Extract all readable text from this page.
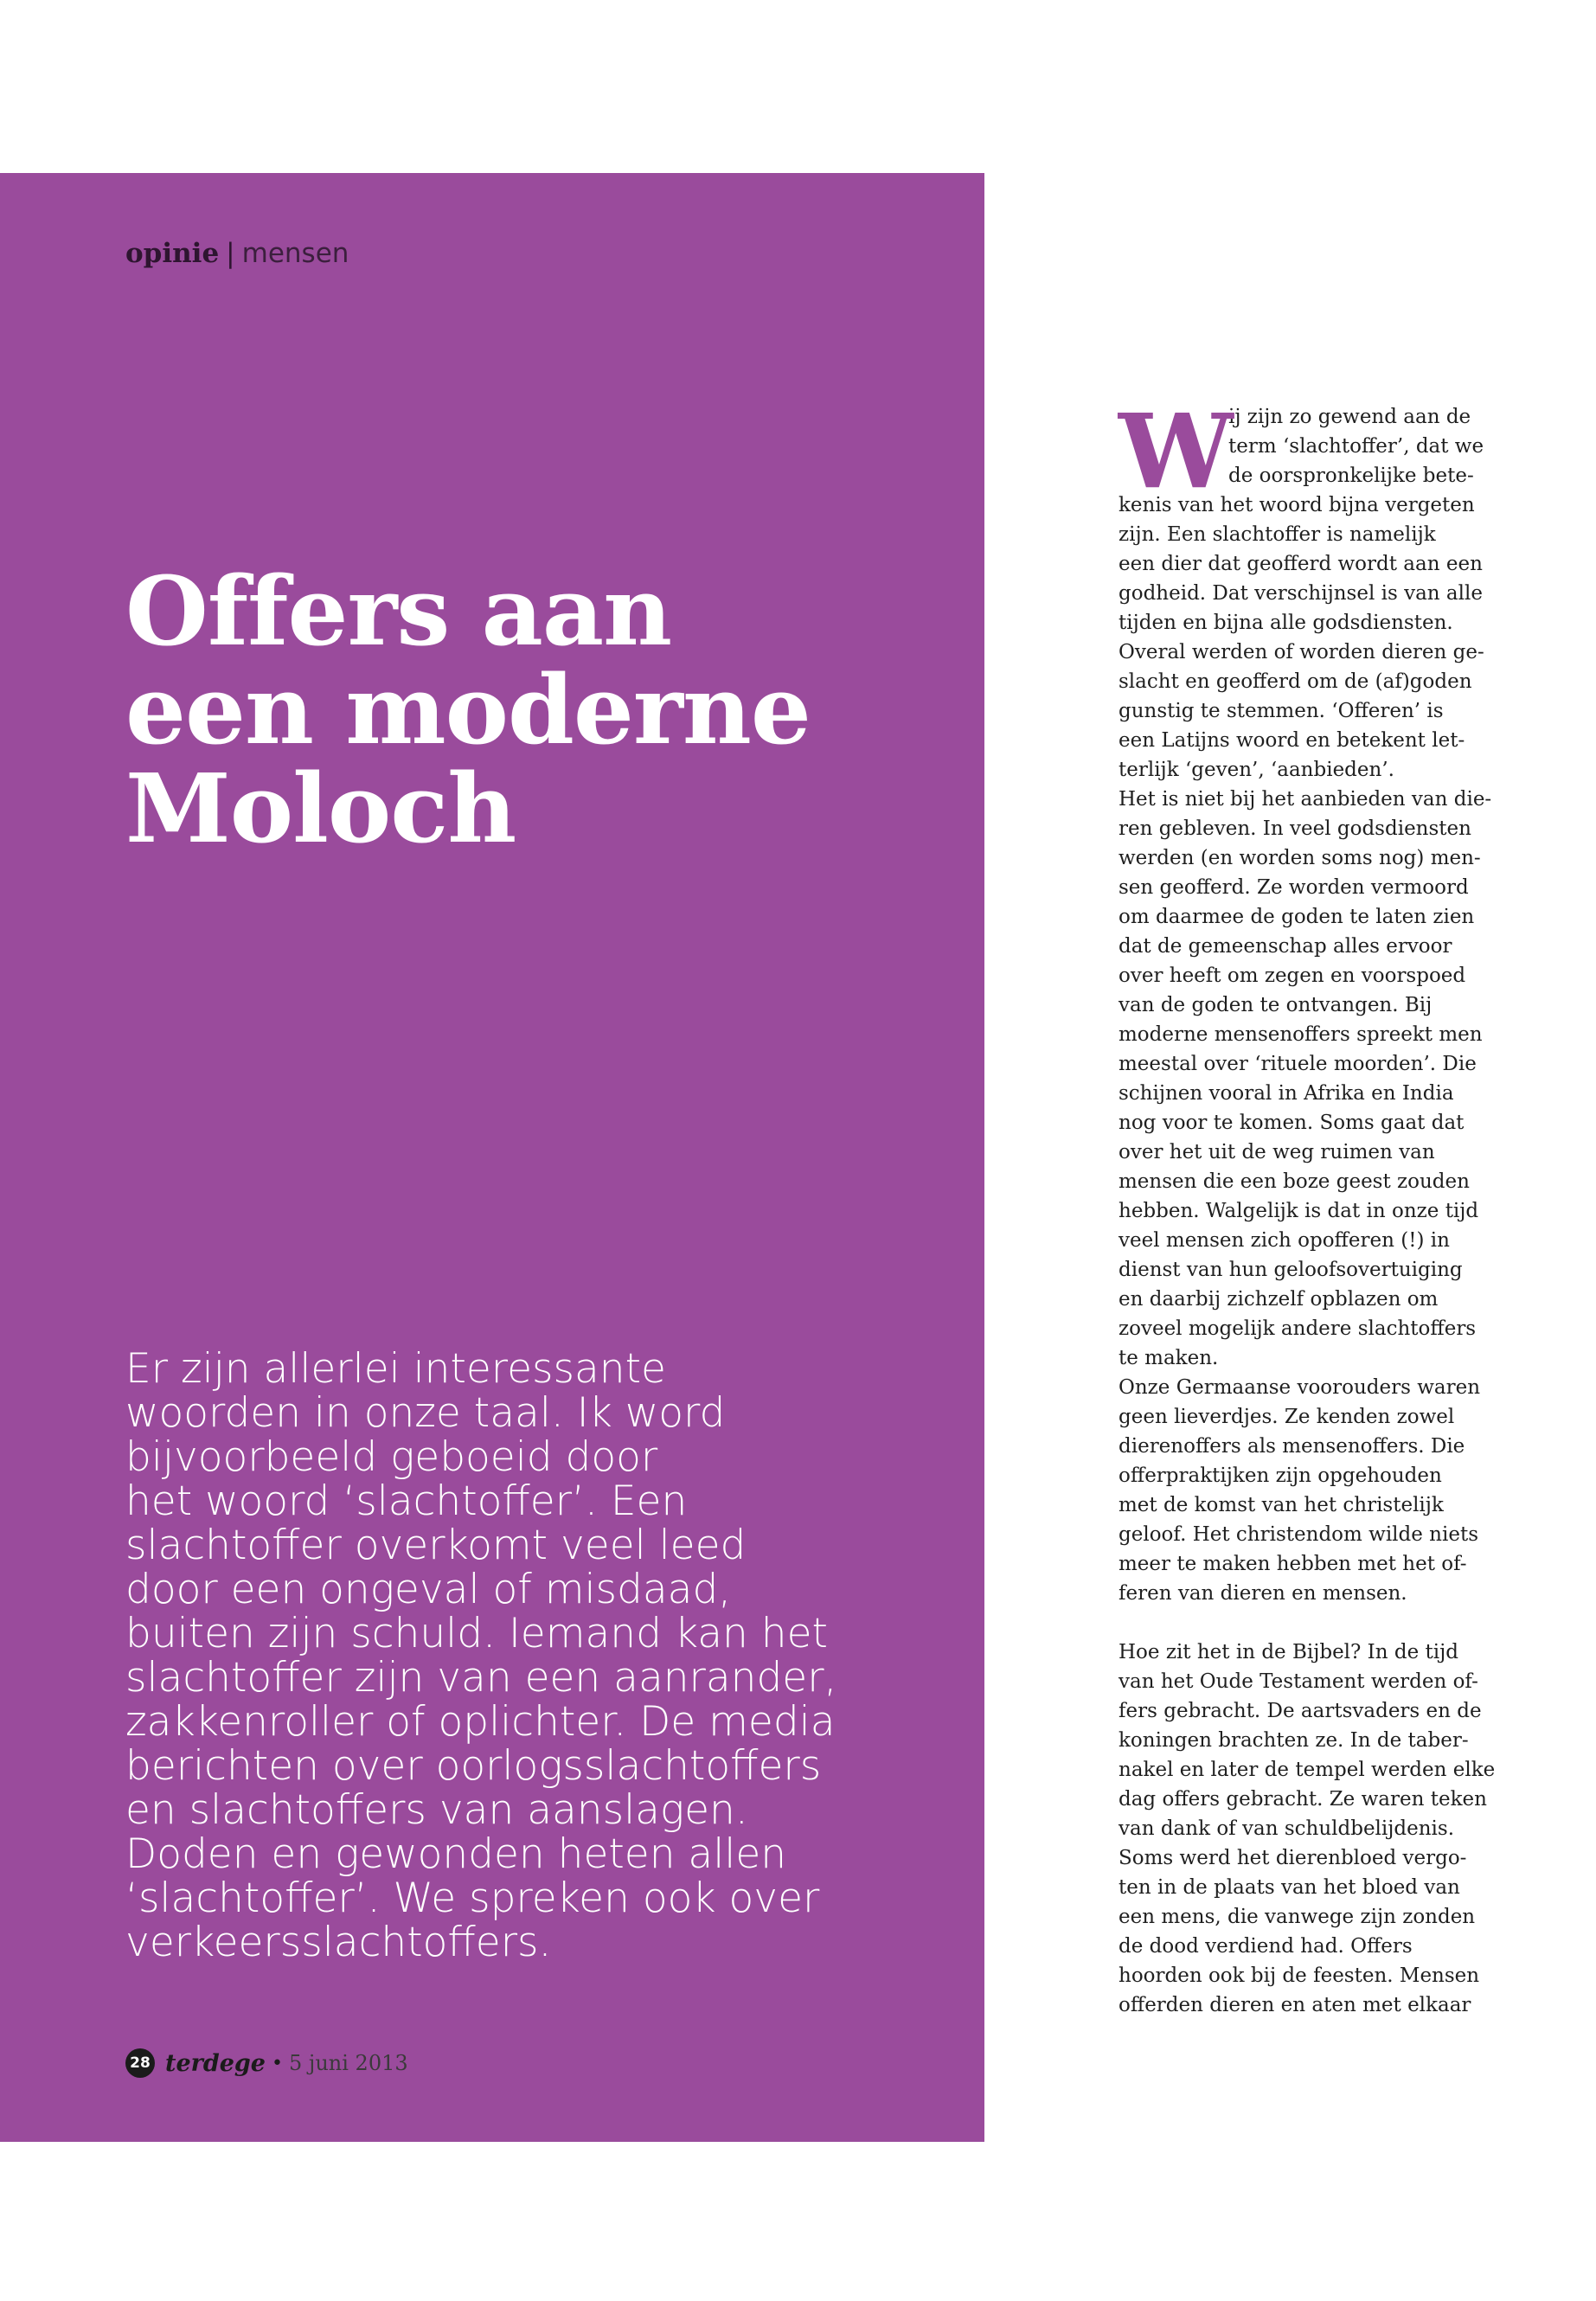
opinie | mensen
Offers aan
een moderne
Moloch

Er zijn allerlei interessante
woorden in onze taal. Ik word
bijvoorbeeld geboeid door
het woord ‘slachtoffer’. Een
slachtoffer overkomt veel leed
door een ongeval of misdaad,
buiten zijn schuld. Iemand kan het
slachtoffer zijn van een aanrander,
zakkenroller of oplichter. De media
berichten over oorlogsslachtoffers
en slachtoffers van aanslagen.
Doden en gewonden heten allen
‘slachtoffer’. We spreken ook over
verkeersslachtoffers.

28 terdege • 5 juni 2013
W
ij zijn zo gewend aan de
term ‘slachtoffer’, dat we
de oorspronkelijke bete-
kenis van het woord bijna vergeten
zijn. Een slachtoffer is namelijk
een dier dat geofferd wordt aan een
godheid. Dat verschijnsel is van alle
tijden en bijna alle godsdiensten.
Overal werden of worden dieren ge-
slacht en geofferd om de (af)goden
gunstig te stemmen. ‘Offeren’ is
een Latijns woord en betekent let-
terlijk ‘geven’, ‘aanbieden’.
Het is niet bij het aanbieden van die-
ren gebleven. In veel godsdiensten
werden (en worden soms nog) men-
sen geofferd. Ze worden vermoord
om daarmee de goden te laten zien
dat de gemeenschap alles ervoor
over heeft om zegen en voorspoed
van de goden te ontvangen. Bij
moderne mensenoffers spreekt men
meestal over ‘rituele moorden’. Die
schijnen vooral in Afrika en India
nog voor te komen. Soms gaat dat
over het uit de weg ruimen van
mensen die een boze geest zouden
hebben. Walgelijk is dat in onze tijd
veel mensen zich opofferen (!) in
dienst van hun geloofsovertuiging
en daarbij zichzelf opblazen om
zoveel mogelijk andere slachtoffers
te maken.
Onze Germaanse voorouders waren
geen lieverdjes. Ze kenden zowel
dierenoffers als mensenoffers. Die
offerpraktijken zijn opgehouden
met de komst van het christelijk
geloof. Het christendom wilde niets
meer te maken hebben met het of-
feren van dieren en mensen.
Hoe zit het in de Bijbel? In de tijd
van het Oude Testament werden of-
fers gebracht. De aartsvaders en de
koningen brachten ze. In de taber-
nakel en later de tempel werden elke
dag offers gebracht. Ze waren teken
van dank of van schuldbelijdenis.
Soms werd het dierenbloed vergo-
ten in de plaats van het bloed van
een mens, die vanwege zijn zonden
de dood verdiend had. Offers
hoorden ook bij de feesten. Mensen
offerden dieren en aten met elkaar
